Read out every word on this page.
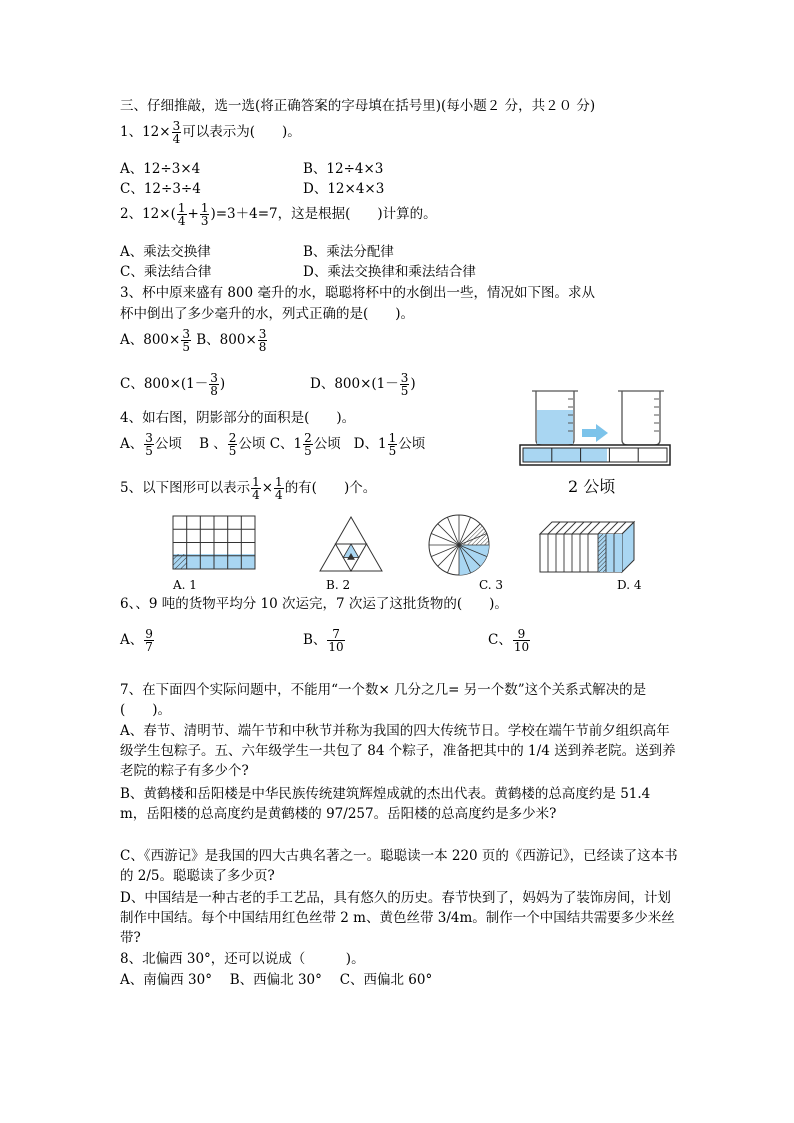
三、仔细推敲，选一选(将正确答案的字母填在括号里)(每小题２ 分，共２０ 分)
1、$12\times \frac{3}{4}$ 可以表示为(　　)。
A、12÷3×4	B、12÷4×3
C、12÷3÷4	D、12×4×3
2、$12\times( \frac{1}{4} + \frac{1}{3} )=3+4=7$，这是根据(　　)计算的。
A、乘法交换律	B、乘法分配律
C、乘法结合律	D、乘法交换律和乘法结合律
3、杯中原来盛有 800 毫升的水，聪聪将杯中的水倒出一些，情况如下图。求从
杯中倒出了多少毫升的水，列式正确的是(　　)。
A、$800\times \frac{3}{5}$ B、$800\times \frac{3}{8}$
C、$800\times(1- \frac{3}{8}$ )	D、$800\times(1- \frac{3}{5}$ )
4、如右图，阴影部分的面积是(　　)。
A、 $\frac{3}{5}$ 公顷 B 、 $\frac{2}{5}$ 公顷 C、$1 \frac{2}{5}$ 公顷 D、$1 \frac{1}{5}$ 公顷
2 公顷
5、以下图形可以表示 $\frac{1}{4} \times \frac{1}{4}$ 的有(　　)个。
A. 1	B. 2	C. 3	D. 4
6、、9 吨的货物平均分 10 次运完，7 次运了这批货物的(　　)。
A、 $\frac{9}{7}$	B、 $\frac{7}{10}$	C、 $\frac{9}{10}$
7、在下面四个实际问题中，不能用“一个数× 几分之几= 另一个数”这个关系式解决的是(　　)。
A、春节、清明节、端午节和中秋节并称为我国的四大传统节日。学校在端午节前夕组织高年级学生包粽子。五、六年级学生一共包了 84 个粽子，准备把其中的 1/4 送到养老院。送到养老院的粽子有多少个?
B、黄鹤楼和岳阳楼是中华民族传统建筑辉煌成就的杰出代表。黄鹤楼的总高度约是 51.4 m，岳阳楼的总高度约是黄鹤楼的 97/257。岳阳楼的总高度约是多少米?
C、《西游记》是我国的四大古典名著之一。聪聪读一本 220 页的《西游记》，已经读了这本书的 2/5。聪聪读了多少页?
D、中国结是一种古老的手工艺品，具有悠久的历史。春节快到了，妈妈为了装饰房间，计划制作中国结。每个中国结用红色丝带 2 m、黄色丝带 3/4m。制作一个中国结共需要多少米丝带?
8、北偏西 30°，还可以说成（　　　)。
A、南偏西 30°　 B、西偏北 30°　 C、西偏北 60°
